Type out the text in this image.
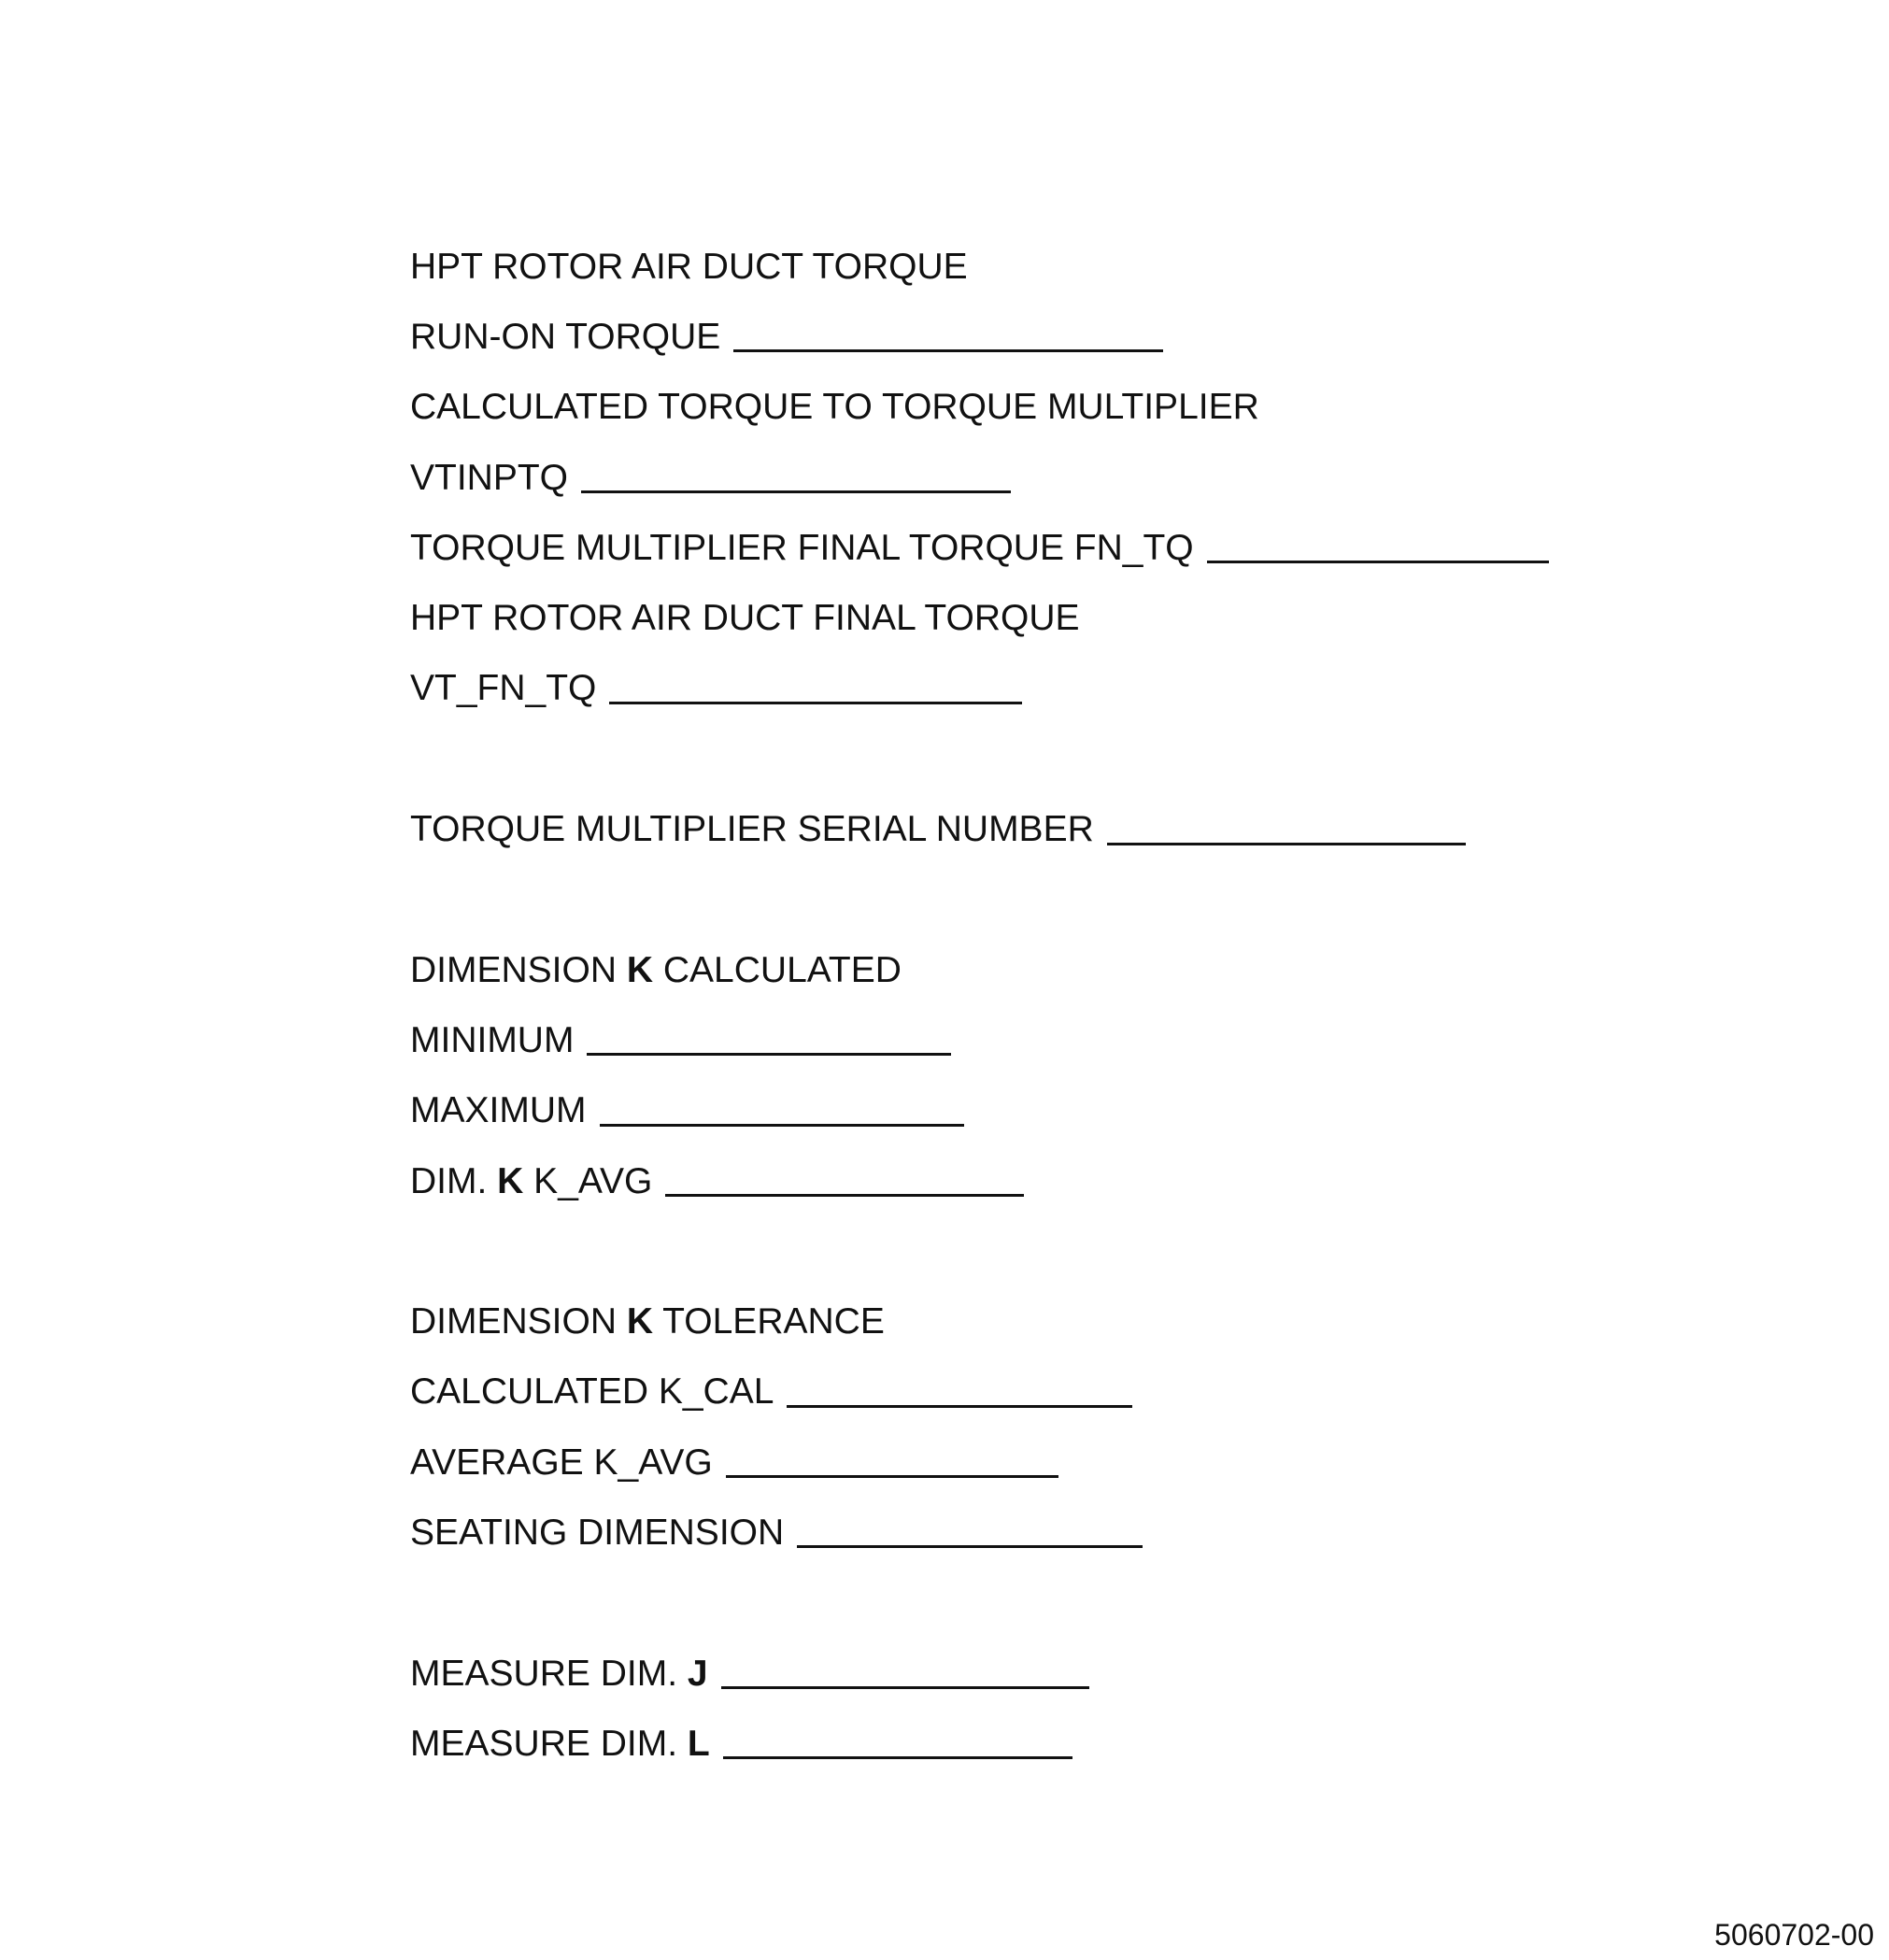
HPT ROTOR AIR DUCT TORQUE
RUN-ON TORQUE
CALCULATED TORQUE TO TORQUE MULTIPLIER
VTINPTQ
TORQUE MULTIPLIER FINAL TORQUE FN_TQ
HPT ROTOR AIR DUCT FINAL TORQUE
VT_FN_TQ
TORQUE MULTIPLIER SERIAL NUMBER
DIMENSION K CALCULATED
MINIMUM
MAXIMUM
DIM. K K_AVG
DIMENSION K TOLERANCE
CALCULATED K_CAL
AVERAGE K_AVG
SEATING DIMENSION
MEASURE DIM. J
MEASURE DIM. L
5060702-00
